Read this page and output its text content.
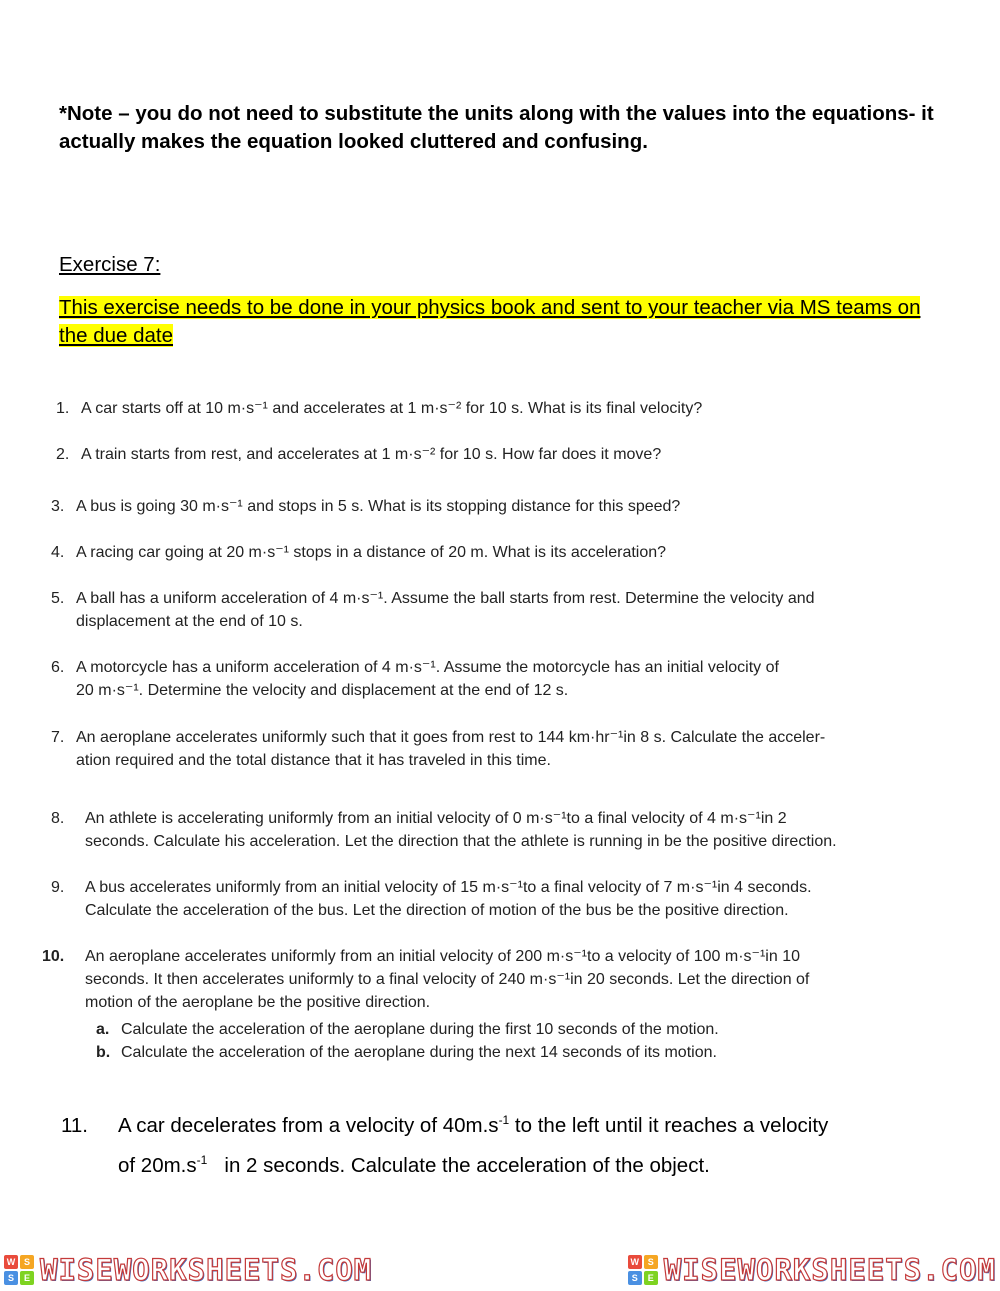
*Note – you do not need to substitute the units along with the values into the equations- it actually makes the equation looked cluttered and confusing.
Exercise 7:
This exercise needs to be done in your physics book and sent to your teacher via MS teams on the due date
1. A car starts off at 10 m·s⁻¹ and accelerates at 1 m·s⁻² for 10 s. What is its final velocity?
2. A train starts from rest, and accelerates at 1 m·s⁻² for 10 s. How far does it move?
3. A bus is going 30 m·s⁻¹ and stops in 5 s. What is its stopping distance for this speed?
4. A racing car going at 20 m·s⁻¹ stops in a distance of 20 m. What is its acceleration?
5. A ball has a uniform acceleration of 4 m·s⁻¹. Assume the ball starts from rest. Determine the velocity and
displacement at the end of 10 s.
6. A motorcycle has a uniform acceleration of 4 m·s⁻¹. Assume the motorcycle has an initial velocity of
20 m·s⁻¹. Determine the velocity and displacement at the end of 12 s.
7. An aeroplane accelerates uniformly such that it goes from rest to 144 km·hr⁻¹in 8 s. Calculate the acceler-
ation required and the total distance that it has traveled in this time.
8. An athlete is accelerating uniformly from an initial velocity of 0 m·s⁻¹to a final velocity of 4 m·s⁻¹in 2
seconds. Calculate his acceleration. Let the direction that the athlete is running in be the positive direction.
9. A bus accelerates uniformly from an initial velocity of 15 m·s⁻¹to a final velocity of 7 m·s⁻¹in 4 seconds.
Calculate the acceleration of the bus. Let the direction of motion of the bus be the positive direction.
10. An aeroplane accelerates uniformly from an initial velocity of 200 m·s⁻¹to a velocity of 100 m·s⁻¹in 10
seconds. It then accelerates uniformly to a final velocity of 240 m·s⁻¹in 20 seconds. Let the direction of
motion of the aeroplane be the positive direction.
a. Calculate the acceleration of the aeroplane during the first 10 seconds of the motion.
b. Calculate the acceleration of the aeroplane during the next 14 seconds of its motion.
11. A car decelerates from a velocity of $40m.s^{-1}$ to the left until it reaches a velocity
of $20m.s^{-1}$   in 2 seconds. Calculate the acceleration of the object.
W S
S	E WISEWORKSHEETS.COM	W S
S	E WISEWORKSHEETS.COM
